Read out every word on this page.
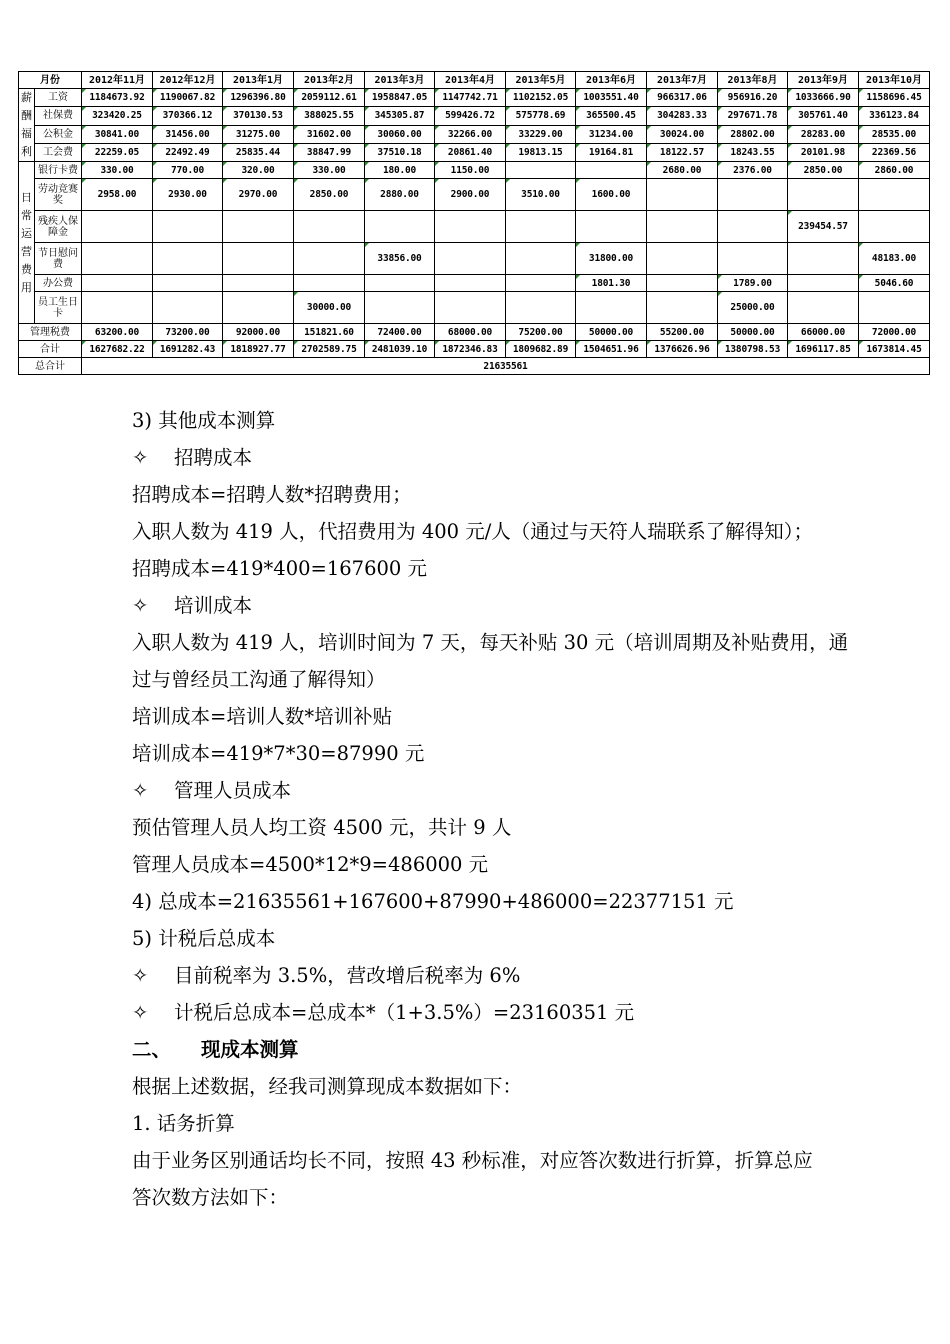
月份		2012年11月	2012年12月	2013年1月	2013年2月	2013年3月	2013年4月	2013年5月	2013年6月	2013年7月	2013年8月	2013年9月	2013年10月
薪酬福利	工资	1184673.92	1190067.82	1296396.80	2059112.61	1958847.05	1147742.71	1102152.05	1003551.40	966317.06	956916.20	1033666.90	1158696.45
	社保费	323420.25	370366.12	370130.53	388025.55	345305.87	599426.72	575778.69	365500.45	304283.33	297671.78	305761.40	336123.84
	公积金	30841.00	31456.00	31275.00	31602.00	30060.00	32266.00	33229.00	31234.00	30024.00	28802.00	28283.00	28535.00
	工会费	22259.05	22492.49	25835.44	38847.99	37510.18	20861.40	19813.15	19164.81	18122.57	18243.55	20101.98	22369.56
日常运营费用	银行卡费	330.00	770.00	320.00	330.00	180.00	1150.00			2680.00	2376.00	2850.00	2860.00
	劳动竞赛奖	2958.00	2930.00	2970.00	2850.00	2880.00	2900.00	3510.00	1600.00				
	残疾人保障金											239454.57	
	节日慰问费					33856.00			31800.00				48183.00
	办公费								1801.30		1789.00		5046.60
	员工生日卡				30000.00						25000.00		
管理税费		63200.00	73200.00	92000.00	151821.60	72400.00	68000.00	75200.00	50000.00	55200.00	50000.00	66000.00	72000.00
合计		1627682.22	1691282.43	1818927.77	2702589.75	2481039.10	1872346.83	1809682.89	1504651.96	1376626.96	1380798.53	1696117.85	1673814.45
总合计		21635561											

3) 其他成本测算

✧ 招聘成本

招聘成本=招聘人数*招聘费用；

入职人数为 419 人，代招费用为 400 元/人（通过与天符人瑞联系了解得知）；

招聘成本=419*400=167600 元

✧ 培训成本

入职人数为 419 人，培训时间为 7 天，每天补贴 30 元（培训周期及补贴费用，通

过与曾经员工沟通了解得知）

培训成本=培训人数*培训补贴

培训成本=419*7*30=87990 元

✧ 管理人员成本

预估管理人员人均工资 4500 元，共计 9 人

管理人员成本=4500*12*9=486000 元

4) 总成本=21635561+167600+87990+486000=22377151 元

5) 计税后总成本

✧ 目前税率为 3.5%，营改增后税率为 6%

✧ 计税后总成本=总成本*（1+3.5%）=23160351 元

二、 现成本测算

根据上述数据，经我司测算现成本数据如下：

1. 话务折算

由于业务区别通话均长不同，按照 43 秒标准，对应答次数进行折算，折算总应

答次数方法如下：
